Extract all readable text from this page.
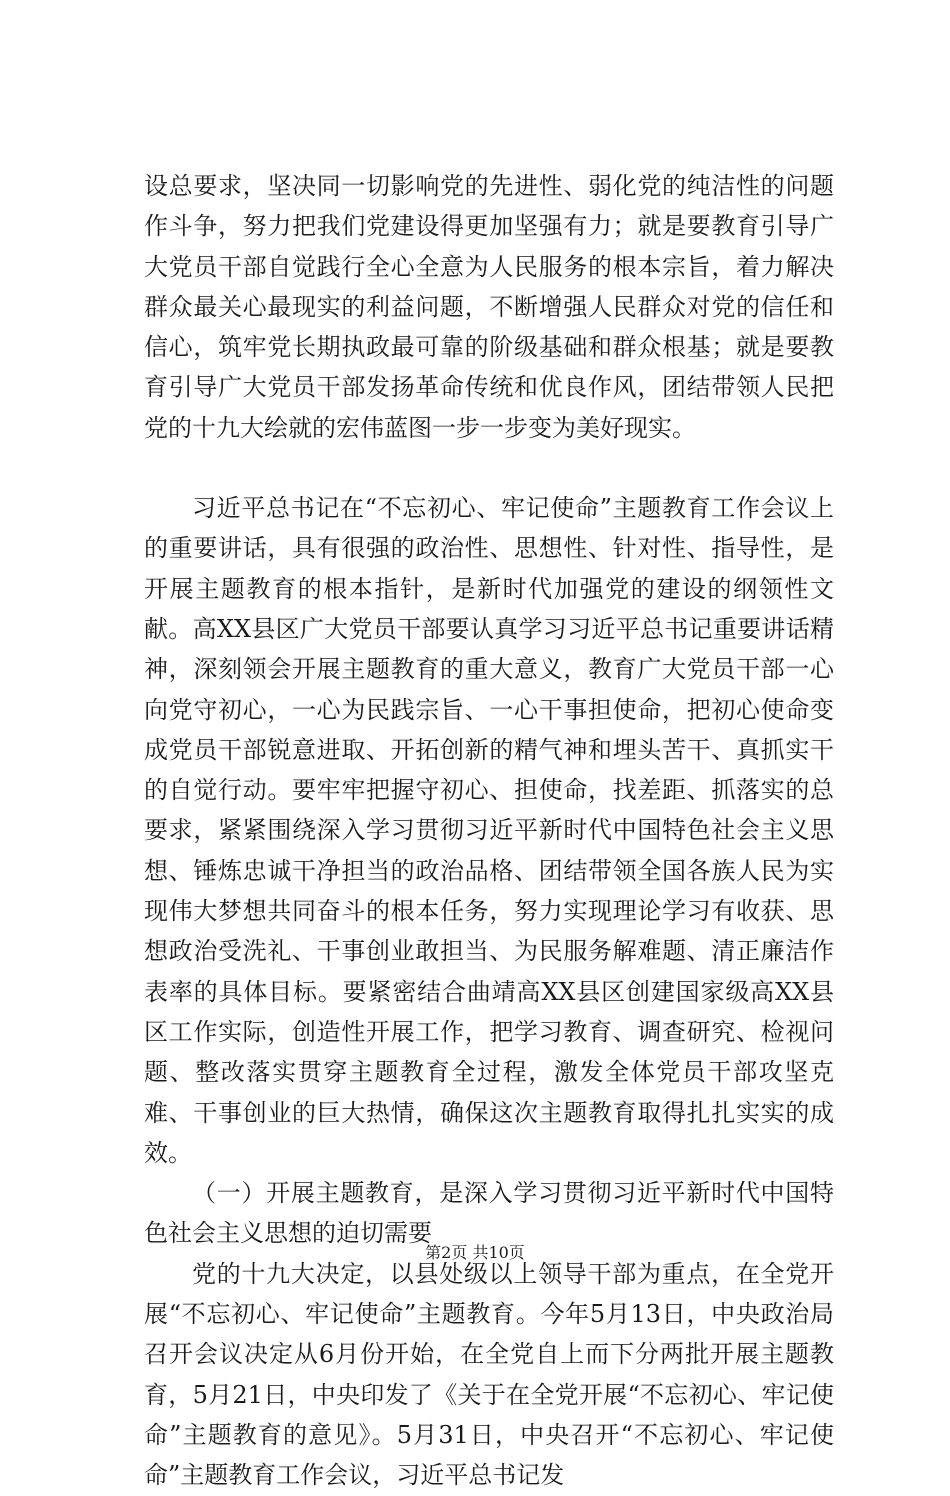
设总要求，坚决同一切影响党的先进性、弱化党的纯洁性的问题作斗争，努力把我们党建设得更加坚强有力；就是要教育引导广大党员干部自觉践行全心全意为人民服务的根本宗旨，着力解决群众最关心最现实的利益问题，不断增强人民群众对党的信任和信心，筑牢党长期执政最可靠的阶级基础和群众根基；就是要教育引导广大党员干部发扬革命传统和优良作风，团结带领人民把党的十九大绘就的宏伟蓝图一步一步变为美好现实。

习近平总书记在“不忘初心、牢记使命”主题教育工作会议上的重要讲话，具有很强的政治性、思想性、针对性、指导性，是开展主题教育的根本指针，是新时代加强党的建设的纲领性文献。高XX县区广大党员干部要认真学习习近平总书记重要讲话精神，深刻领会开展主题教育的重大意义，教育广大党员干部一心向党守初心，一心为民践宗旨、一心干事担使命，把初心使命变成党员干部锐意进取、开拓创新的精气神和埋头苦干、真抓实干的自觉行动。要牢牢把握守初心、担使命，找差距、抓落实的总要求，紧紧围绕深入学习贯彻习近平新时代中国特色社会主义思想、锤炼忠诚干净担当的政治品格、团结带领全国各族人民为实现伟大梦想共同奋斗的根本任务，努力实现理论学习有收获、思想政治受洗礼、干事创业敢担当、为民服务解难题、清正廉洁作表率的具体目标。要紧密结合曲靖高XX县区创建国家级高XX县区工作实际，创造性开展工作，把学习教育、调查研究、检视问题、整改落实贯穿主题教育全过程，激发全体党员干部攻坚克难、干事创业的巨大热情，确保这次主题教育取得扎扎实实的成效。

（一）开展主题教育，是深入学习贯彻习近平新时代中国特色社会主义思想的迫切需要

党的十九大决定，以县处级以上领导干部为重点，在全党开展“不忘初心、牢记使命”主题教育。今年5月13日，中央政治局召开会议决定从6月份开始，在全党自上而下分两批开展主题教育，5月21日，中央印发了《关于在全党开展“不忘初心、牢记使命”主题教育的意见》。5月31日，中央召开“不忘初心、牢记使命”主题教育工作会议，习近平总书记发

第2页 共10页
